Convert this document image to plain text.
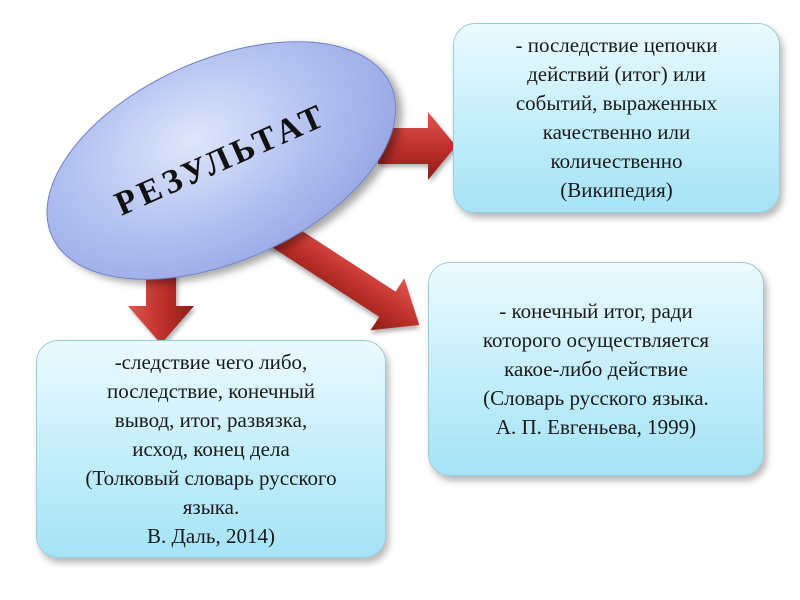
РЕЗУЛЬТАТ
- последствие цепочки
действий (итог) или
событий, выраженных
качественно или
количественно
(Википедия)
- конечный итог, ради
которого осуществляется
какое-либо действие
(Словарь русского языка.
А. П. Евгеньева, 1999)
-следствие чего либо,
последствие, конечный
вывод, итог, развязка,
исход, конец дела
(Толковый словарь русского
языка.
В. Даль, 2014)
